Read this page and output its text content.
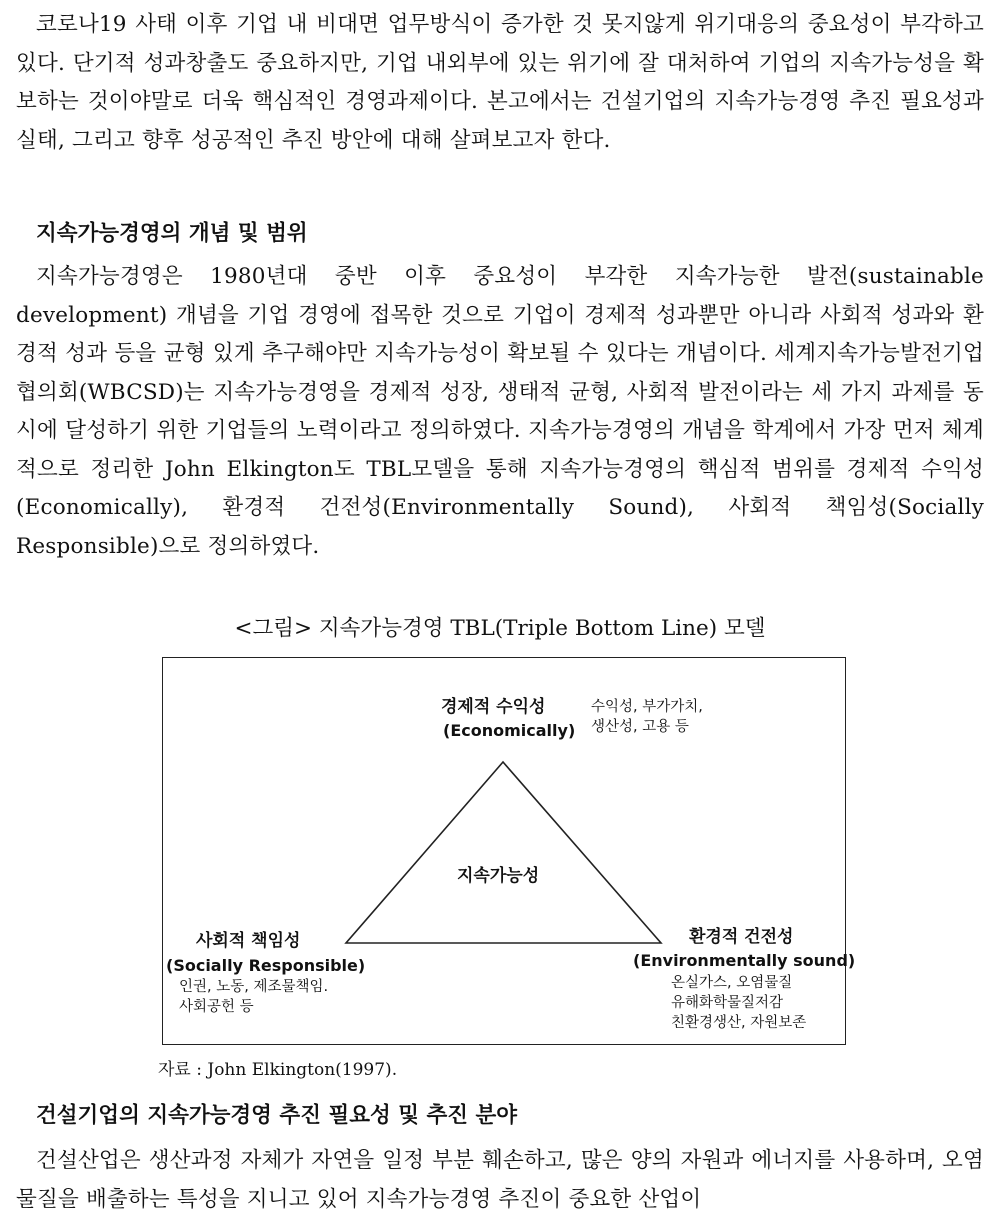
코로나19 사태 이후 기업 내 비대면 업무방식이 증가한 것 못지않게 위기대응의 중요성이 부각하고 있다. 단기적 성과창출도 중요하지만, 기업 내외부에 있는 위기에 잘 대처하여 기업의 지속가능성을 확보하는 것이야말로 더욱 핵심적인 경영과제이다. 본고에서는 건설기업의 지속가능경영 추진 필요성과 실태, 그리고 향후 성공적인 추진 방안에 대해 살펴보고자 한다.

지속가능경영의 개념 및 범위

지속가능경영은 1980년대 중반 이후 중요성이 부각한 지속가능한 발전(sustainable development) 개념을 기업 경영에 접목한 것으로 기업이 경제적 성과뿐만 아니라 사회적 성과와 환경적 성과 등을 균형 있게 추구해야만 지속가능성이 확보될 수 있다는 개념이다. 세계지속가능발전기업협의회(WBCSD)는 지속가능경영을 경제적 성장, 생태적 균형, 사회적 발전이라는 세 가지 과제를 동시에 달성하기 위한 기업들의 노력이라고 정의하였다. 지속가능경영의 개념을 학계에서 가장 먼저 체계적으로 정리한 John Elkington도 TBL모델을 통해 지속가능경영의 핵심적 범위를 경제적 수익성(Economically), 환경적 건전성(Environmentally Sound), 사회적 책임성(Socially Responsible)으로 정의하였다.

<그림> 지속가능경영 TBL(Triple Bottom Line) 모델

경제적 수익성
(Economically)
수익성, 부가가치,
생산성, 고용 등
지속가능성
사회적 책임성
(Socially Responsible)
인권, 노동, 제조물책임.
사회공헌 등
환경적 건전성
(Environmentally sound)
온실가스, 오염물질
유해화학물질저감
친환경생산, 자원보존

자료 : John Elkington(1997).

건설기업의 지속가능경영 추진 필요성 및 추진 분야

건설산업은 생산과정 자체가 자연을 일정 부분 훼손하고, 많은 양의 자원과 에너지를 사용하며, 오염물질을 배출하는 특성을 지니고 있어 지속가능경영 추진이 중요한 산업이
